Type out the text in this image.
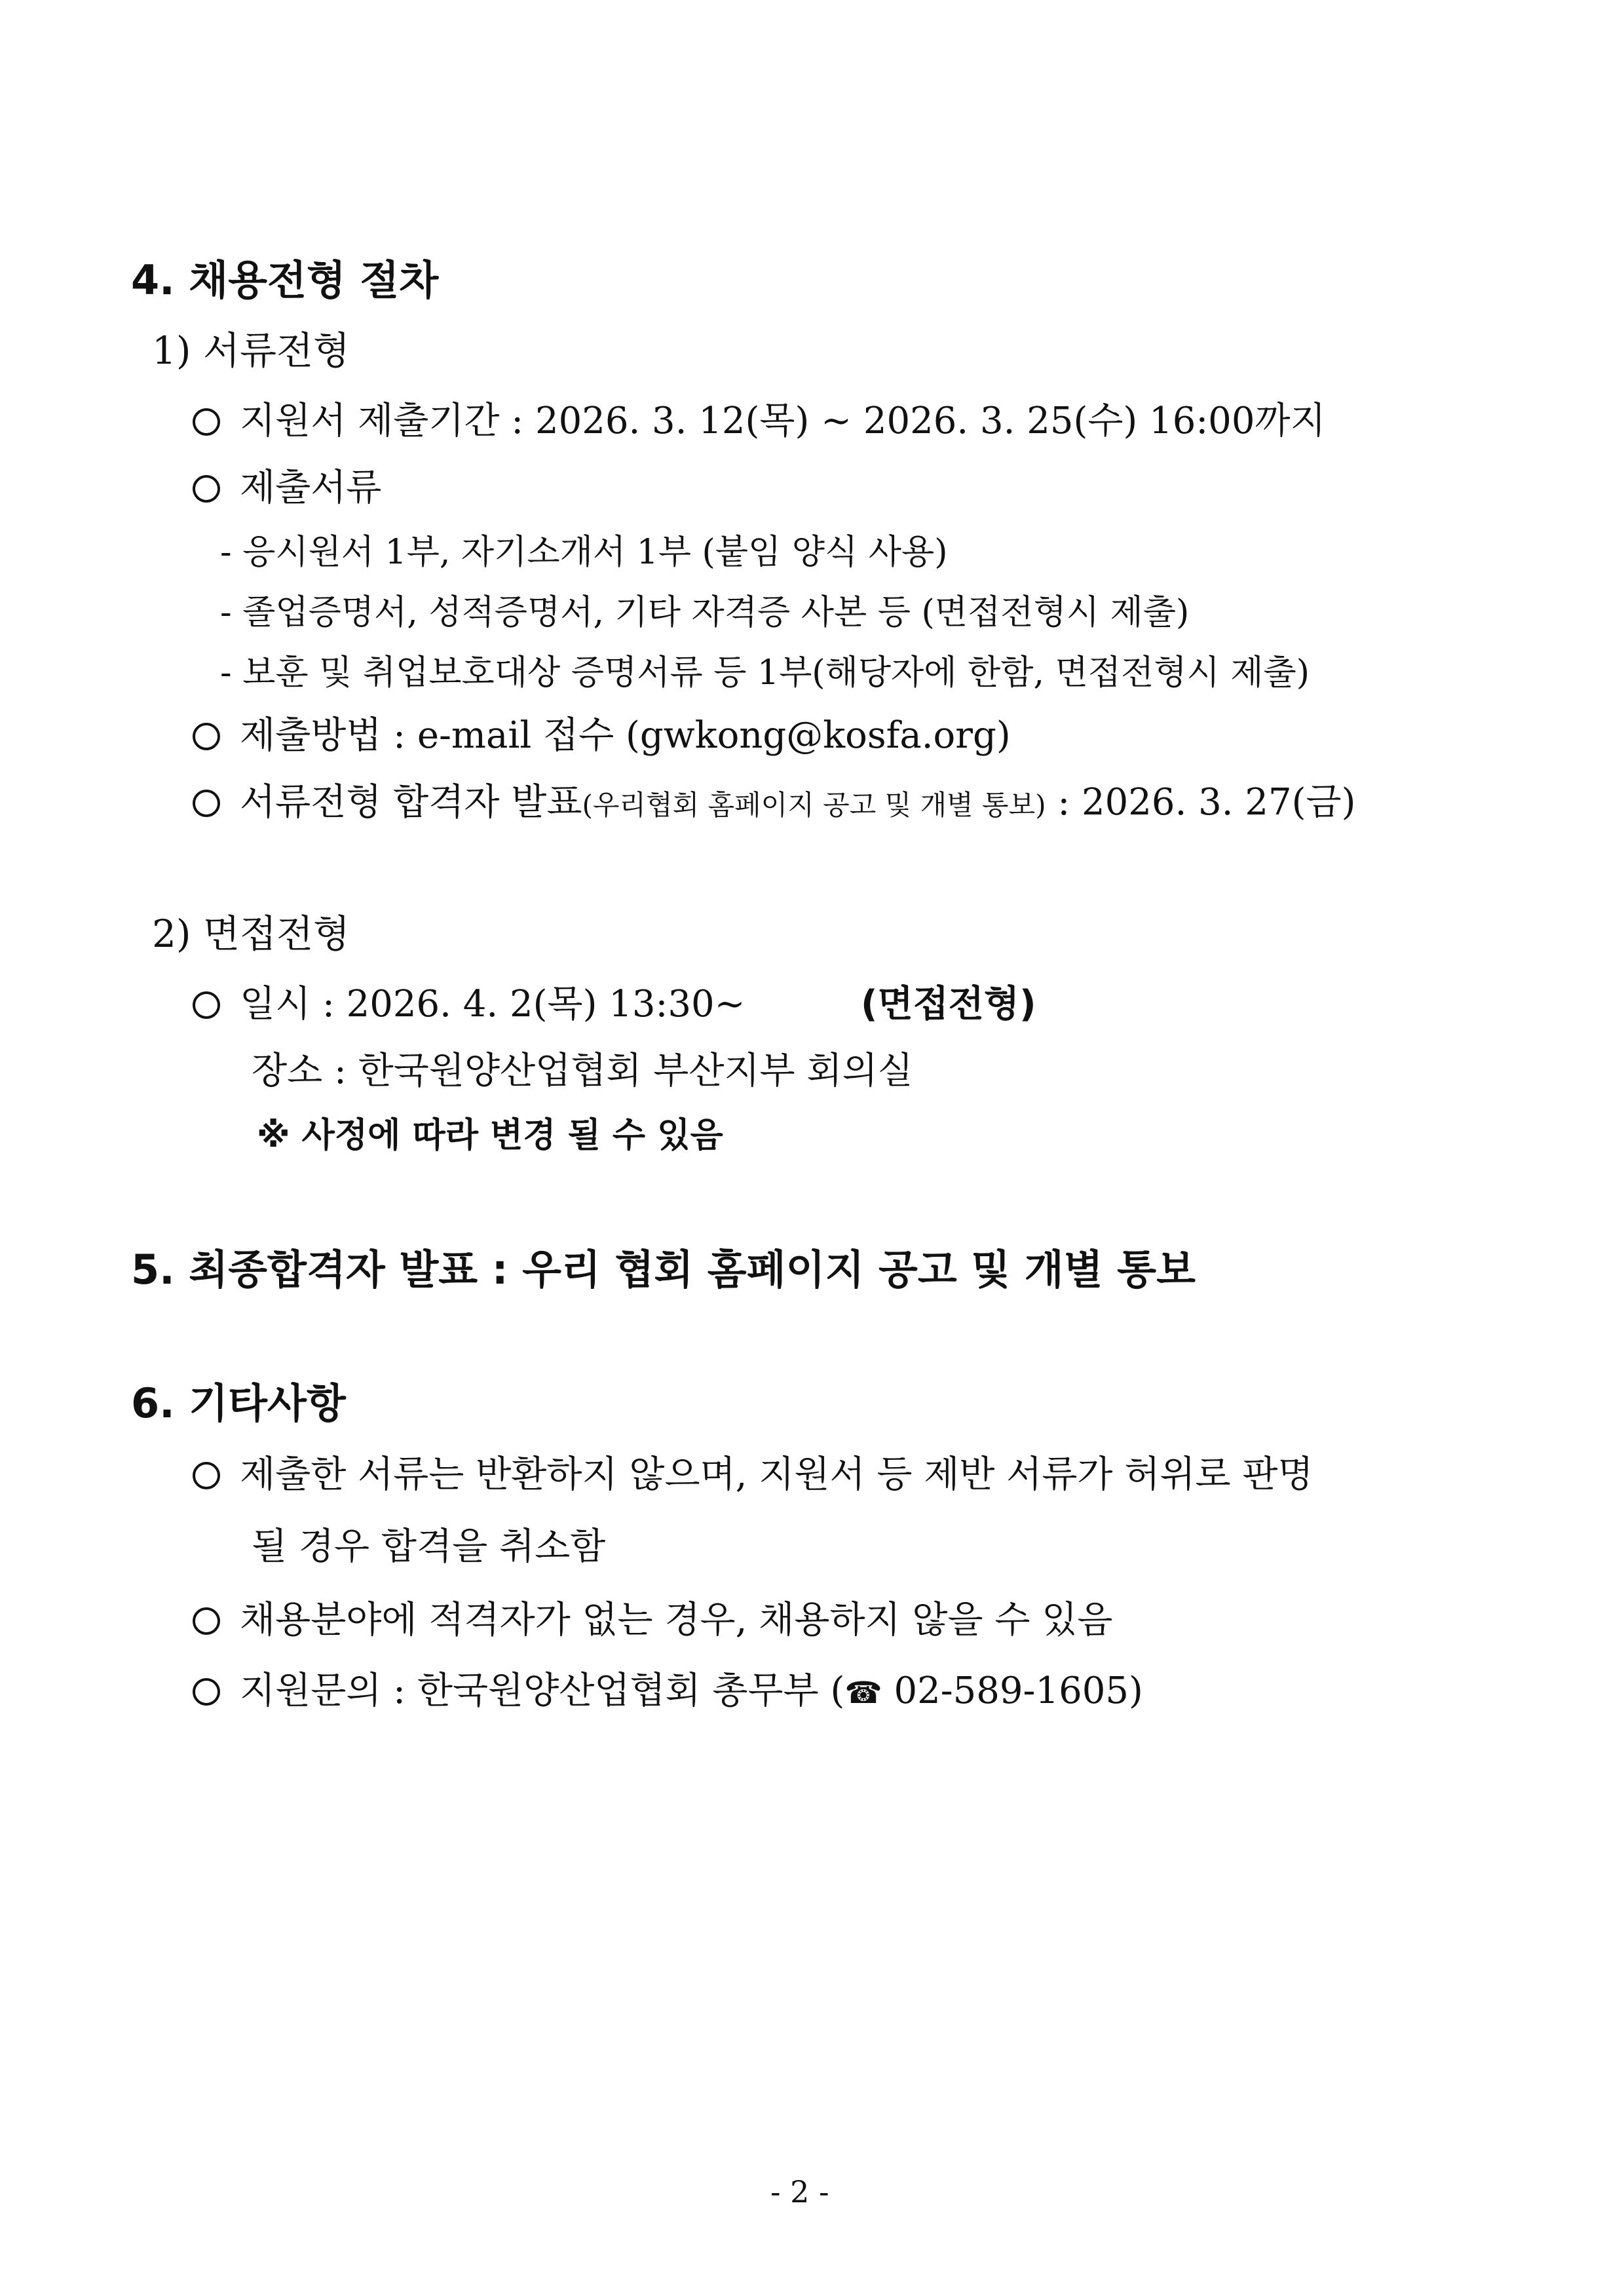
4. 채용전형 절차
1) 서류전형
지원서 제출기간 : 2026. 3. 12(목) ~ 2026. 3. 25(수) 16:00까지
제출서류
- 응시원서 1부, 자기소개서 1부 (붙임 양식 사용)
- 졸업증명서, 성적증명서, 기타 자격증 사본 등 (면접전형시 제출)
- 보훈 및 취업보호대상 증명서류 등 1부(해당자에 한함, 면접전형시 제출)
제출방법 : e-mail 접수 (gwkong@kosfa.org)
서류전형 합격자 발표(우리협회 홈페이지 공고 및 개별 통보) : 2026. 3. 27(금)
2) 면접전형
일시 : 2026. 4. 2(목) 13:30~	(면접전형)
장소 : 한국원양산업협회 부산지부 회의실
※ 사정에 따라 변경 될 수 있음
5. 최종합격자 발표 : 우리 협회 홈페이지 공고 및 개별 통보
6. 기타사항
제출한 서류는 반환하지 않으며, 지원서 등 제반 서류가 허위로 판명
될 경우 합격을 취소함
채용분야에 적격자가 없는 경우, 채용하지 않을 수 있음
지원문의 : 한국원양산업협회 총무부 (☎ 02-589-1605)
- 2 -
